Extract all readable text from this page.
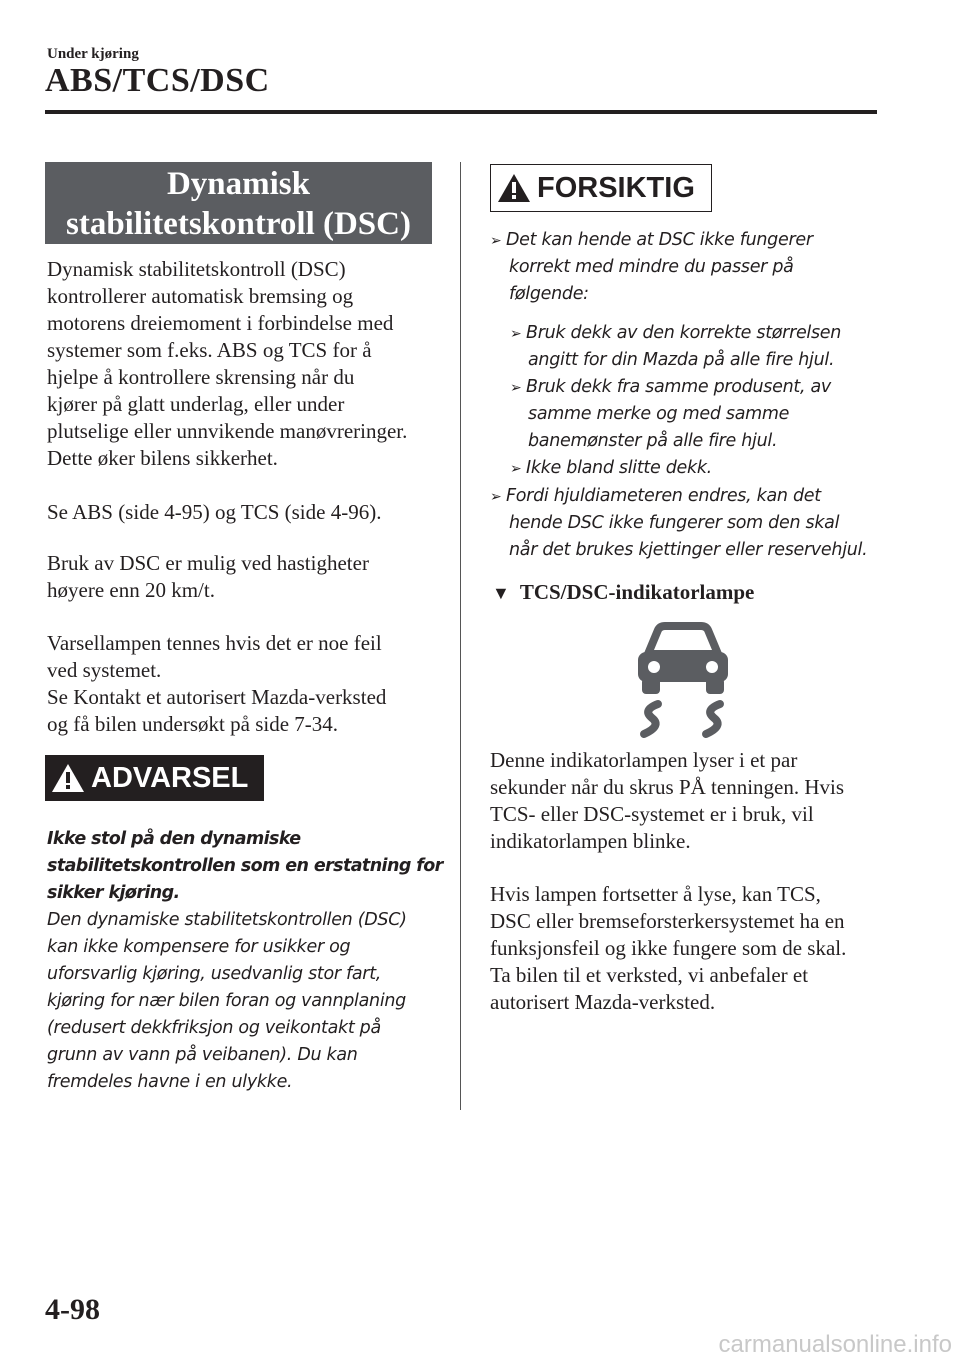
Under kjøring
ABS/TCS/DSC
Dynamisk
stabilitetskontroll (DSC)

Dynamisk stabilitetskontroll (DSC)

kontrollerer automatisk bremsing og

motorens dreiemoment i forbindelse med

systemer som f.eks. ABS og TCS for å

hjelpe å kontrollere skrensing når du

kjører på glatt underlag, eller under

plutselige eller unnvikende manøvreringer.

Dette øker bilens sikkerhet.

Se ABS (side 4-95) og TCS (side 4-96).

Bruk av DSC er mulig ved hastigheter

høyere enn 20 km/t.

Varsellampen tennes hvis det er noe feil

ved systemet.

Se Kontakt et autorisert Mazda-verksted

og få bilen undersøkt på side 7-34.

ADVARSEL

Ikke stol på den dynamiske

stabilitetskontrollen som en erstatning for

sikker kjøring.

Den dynamiske stabilitetskontrollen (DSC)

kan ikke kompensere for usikker og

uforsvarlig kjøring, usedvanlig stor fart,

kjøring for nær bilen foran og vannplaning

(redusert dekkfriksjon og veikontakt på

grunn av vann på veibanen). Du kan

fremdeles havne i en ulykke.

FORSIKTIG
➢ Det kan hende at DSC ikke fungerer
korrekt med mindre du passer på
følgende:
➢ Bruk dekk av den korrekte størrelsen
angitt for din Mazda på alle fire hjul.
➢ Bruk dekk fra samme produsent, av
samme merke og med samme
banemønster på alle fire hjul.
➢ Ikke bland slitte dekk.
➢ Fordi hjuldiameteren endres, kan det
hende DSC ikke fungerer som den skal
når det brukes kjettinger eller reservehjul.
▼ TCS/DSC-indikatorlampe

Denne indikatorlampen lyser i et par

sekunder når du skrus PÅ tenningen. Hvis

TCS- eller DSC-systemet er i bruk, vil

indikatorlampen blinke.

Hvis lampen fortsetter å lyse, kan TCS,

DSC eller bremseforsterkersystemet ha en

funksjonsfeil og ikke fungere som de skal.

Ta bilen til et verksted, vi anbefaler et

autorisert Mazda-verksted.

4-98
carmanualsonline.info
